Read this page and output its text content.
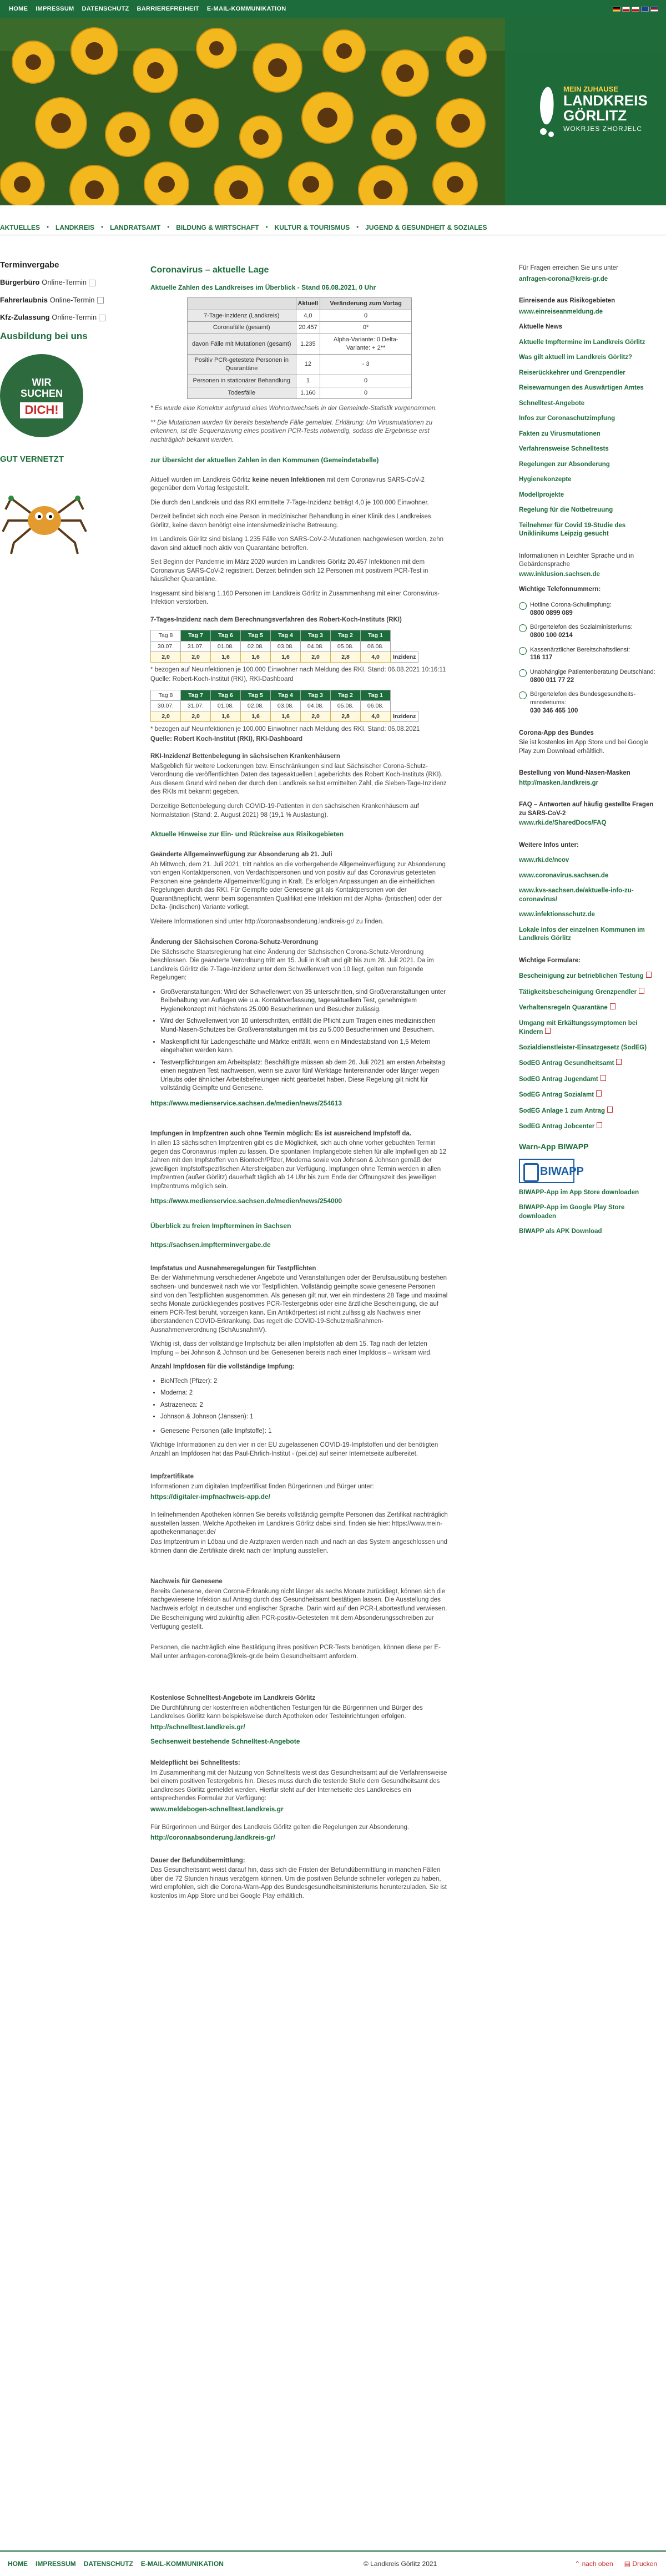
HOME IMPRESSUM DATENSCHUTZ BARRIEREFREIHEIT E-MAIL-KOMMUNIKATION
MEIN ZUHAUSE
LANDKREIS
GÖRLITZ
WOKRJES ZHORJELC
AKTUELLES • LANDKREIS • LANDRATSAMT • BILDUNG & WIRTSCHAFT • KULTUR & TOURISMUS • JUGEND & GESUNDHEIT & SOZIALES
Terminvergabe
Bürgerbüro Online-Termin
Fahrerlaubnis Online-Termin
Kfz-Zulassung Online-Termin
Ausbildung bei uns
WIR
SUCHEN
DICH!
GUT VERNETZT
Coronavirus – aktuelle Lage
Aktuelle Zahlen des Landkreises im Überblick - Stand 06.08.2021, 0 Uhr
	Aktuell	Veränderung zum Vortag
7-Tage-Inzidenz (Landkreis)	4,0	0
Coronafälle (gesamt)	20.457	0*
davon Fälle mit Mutationen (gesamt)	1.235	Alpha-Variante: 0 Delta-Variante: + 2**
Positiv PCR-getestete Personen in Quarantäne	12	- 3
Personen in stationärer Behandlung	1	0
Todesfälle	1.160	0
* Es wurde eine Korrektur aufgrund eines Wohnortwechsels in der Gemeinde-Statistik vorgenommen.
** Die Mutationen wurden für bereits bestehende Fälle gemeldet. Erklärung: Um Virusmutationen zu erkennen, ist die Sequenzierung eines positiven PCR-Tests notwendig, sodass die Ergebnisse erst nachträglich bekannt werden.
zur Übersicht der aktuellen Zahlen in den Kommunen (Gemeindetabelle)
Aktuell wurden im Landkreis Görlitz keine neuen Infektionen mit dem Coronavirus SARS-CoV-2 gegenüber dem Vortag festgestellt.
Die durch den Landkreis und das RKI ermittelte 7-Tage-Inzidenz beträgt 4,0 je 100.000 Einwohner.
Derzeit befindet sich noch eine Person in medizinischer Behandlung in einer Klinik des Landkreises Görlitz, keine davon benötigt eine intensivmedizinische Betreuung.
Im Landkreis Görlitz sind bislang 1.235 Fälle von SARS-CoV-2-Mutationen nachgewiesen worden, zehn davon sind aktuell noch aktiv von Quarantäne betroffen.
Seit Beginn der Pandemie im März 2020 wurden im Landkreis Görlitz 20.457 Infektionen mit dem Coronavirus SARS-CoV-2 registriert. Derzeit befinden sich 12 Personen mit positivem PCR-Test in häuslicher Quarantäne.
Insgesamt sind bislang 1.160 Personen im Landkreis Görlitz in Zusammenhang mit einer Coronavirus-Infektion verstorben.
7-Tages-Inzidenz nach dem Berechnungsverfahren des Robert-Koch-Instituts (RKI)
Tag 8	Tag 7	Tag 6	Tag 5	Tag 4	Tag 3	Tag 2	Tag 1	
30.07.	31.07.	01.08.	02.08.	03.08.	04.08.	05.08.	06.08.	
2,0	2,0	1,6	1,6	1,6	2,0	2,8	4,0	Inzidenz
* bezogen auf Neuinfektionen je 100.000 Einwohner nach Meldung des RKI, Stand: 06.08.2021 10:16:11
Quelle: Robert-Koch-Institut (RKI), RKI-Dashboard
Tag 8	Tag 7	Tag 6	Tag 5	Tag 4	Tag 3	Tag 2	Tag 1	
30.07.	31.07.	01.08.	02.08.	03.08.	04.08.	05.08.	06.08.	
2,0	2,0	1,6	1,6	1,6	2,0	2,8	4,0	Inzidenz
* bezogen auf Neuinfektionen je 100.000 Einwohner nach Meldung des RKI, Stand: 05.08.2021
Quelle: Robert Koch-Institut (RKI), RKI-Dashboard
RKI-Inzidenz/ Bettenbelegung in sächsischen Krankenhäusern
Maßgeblich für weitere Lockerungen bzw. Einschränkungen sind laut Sächsischer Corona-Schutz-Verordnung die veröffentlichten Daten des tagesaktuellen Lageberichts des Robert Koch-Instituts (RKI). Aus diesem Grund wird neben der durch den Landkreis selbst ermittelten Zahl, die Sieben-Tage-Inzidenz des RKIs mit bekannt gegeben.
Derzeitige Bettenbelegung durch COVID-19-Patienten in den sächsischen Krankenhäusern auf Normalstation (Stand: 2. August 2021) 98 (19,1 % Auslastung).
Aktuelle Hinweise zur Ein- und Rückreise aus Risikogebieten
Geänderte Allgemeinverfügung zur Absonderung ab 21. Juli
Ab Mittwoch, dem 21. Juli 2021, tritt nahtlos an die vorhergehende Allgemeinverfügung zur Absonderung von engen Kontaktpersonen, von Verdachtspersonen und von positiv auf das Coronavirus getesteten Personen eine geänderte Allgemeinverfügung in Kraft. Es erfolgen Anpassungen an die einheitlichen Regelungen durch das RKI. Für Geimpfte oder Genesene gilt als Kontaktpersonen von der Quarantänepflicht, wenn beim sogenannten Qualifikat eine Infektion mit der Alpha- (britischen) oder der Delta- (indischen) Variante vorliegt.
Weitere Informationen sind unter http://coronaabsonderung.landkreis-gr/ zu finden.
Änderung der Sächsischen Corona-Schutz-Verordnung
Die Sächsische Staatsregierung hat eine Änderung der Sächsischen Corona-Schutz-Verordnung beschlossen. Die geänderte Verordnung tritt am 15. Juli in Kraft und gilt bis zum 28. Juli 2021. Da im Landkreis Görlitz die 7-Tage-Inzidenz unter dem Schwellenwert von 10 liegt, gelten nun folgende Regelungen:
• Großveranstaltungen: Wird der Schwellenwert von 35 unterschritten, sind Großveranstaltungen unter Beibehaltung von Auflagen wie u.a. Kontaktverfassung, tagesaktuellem Test, genehmigtem Hygienekonzept mit höchstens 25.000 Besucherinnen und Besucher zulässig.
• Wird der Schwellenwert von 10 unterschritten, entfällt die Pflicht zum Tragen eines medizinischen Mund-Nasen-Schutzes bei Großveranstaltungen mit bis zu 5.000 Besucherinnen und Besuchern.
• Maskenpflicht für Ladengeschäfte und Märkte entfällt, wenn ein Mindestabstand von 1,5 Metern eingehalten werden kann.
• Testverpflichtungen am Arbeitsplatz: Beschäftigte müssen ab dem 26. Juli 2021 am ersten Arbeitstag einen negativen Test nachweisen, wenn sie zuvor fünf Werktage hintereinander oder länger wegen Urlaubs oder ähnlicher Arbeitsbefreiungen nicht gearbeitet haben. Diese Regelung gilt nicht für vollständig Geimpfte und Genesene.
https://www.medienservice.sachsen.de/medien/news/254613
Impfungen in Impfzentren auch ohne Termin möglich: Es ist ausreichend Impfstoff da.
In allen 13 sächsischen Impfzentren gibt es die Möglichkeit, sich auch ohne vorher gebuchten Termin gegen das Coronavirus impfen zu lassen. Die spontanen Impfangebote stehen für alle Impfwilligen ab 12 Jahren mit den Impfstoffen von Biontech/Pfizer, Moderna sowie von Johnson & Johnson gemäß der jeweiligen Impfstoffspezifischen Altersfreigaben zur Verfügung. Impfungen ohne Termin werden in allen Impfzentren (außer Görlitz) dauerhaft täglich ab 14 Uhr bis zum Ende der Öffnungszeit des jeweiligen Impfzentrums möglich sein.
https://www.medienservice.sachsen.de/medien/news/254000
Überblick zu freien Impfterminen in Sachsen
https://sachsen.impfterminvergabe.de
Impfstatus und Ausnahmeregelungen für Testpflichten
Bei der Wahrnehmung verschiedener Angebote und Veranstaltungen oder der Berufsausübung bestehen sachsen- und bundesweit nach wie vor Testpflichten. Vollständig geimpfte sowie genesene Personen sind von den Testpflichten ausgenommen. Als genesen gilt nur, wer ein mindestens 28 Tage und maximal sechs Monate zurückliegendes positives PCR-Testergebnis oder eine ärztliche Bescheinigung, die auf einem PCR-Test beruht, vorzeigen kann. Ein Antikörpertest ist nicht zulässig als Nachweis einer überstandenen COVID-Erkrankung. Das regelt die COVID-19-Schutzmaßnahmen-Ausnahmenverordnung (SchAusnahmV).
Wichtig ist, dass der vollständige Impfschutz bei allen Impfstoffen ab dem 15. Tag nach der letzten Impfung – bei Johnson & Johnson und bei Genesenen bereits nach einer Impfdosis – wirksam wird.
Anzahl Impfdosen für die vollständige Impfung:
• BioNTech (Pfizer): 2
• Moderna: 2
• Astrazeneca: 2
• Johnson & Johnson (Janssen): 1
• Genesene Personen (alle Impfstoffe): 1
Wichtige Informationen zu den vier in der EU zugelassenen COVID-19-Impfstoffen und der benötigten Anzahl an Impfdosen hat das Paul-Ehrlich-Institut - (pei.de) auf seiner Internetseite aufbereitet.
Impfzertifikate
Informationen zum digitalen Impfzertifikat finden Bürgerinnen und Bürger unter:
https://digitaler-impfnachweis-app.de/
In teilnehmenden Apotheken können Sie bereits vollständig geimpfte Personen das Zertifikat nachträglich ausstellen lassen. Welche Apotheken im Landkreis Görlitz dabei sind, finden sie hier: https://www.mein-apothekenmanager.de/
Das Impfzentrum in Löbau und die Arztpraxen werden nach und nach an das System angeschlossen und können dann die Zertifikate direkt nach der Impfung ausstellen.
Nachweis für Genesene
Bereits Genesene, deren Corona-Erkrankung nicht länger als sechs Monate zurückliegt, können sich die nachgewiesene Infektion auf Antrag durch das Gesundheitsamt bestätigen lassen. Die Ausstellung des Nachweis erfolgt in deutscher und englischer Sprache. Darin wird auf den PCR-Labortestfund verwiesen.
Die Bescheinigung wird zukünftig allen PCR-positiv-Getesteten mit dem Absonderungsschreiben zur Verfügung gestellt.
Personen, die nachträglich eine Bestätigung ihres positiven PCR-Tests benötigen, können diese per E-Mail unter anfragen-corona@kreis-gr.de beim Gesundheitsamt anfordern.
Kostenlose Schnelltest-Angebote im Landkreis Görlitz
Die Durchführung der kostenfreien wöchentlichen Testungen für die Bürgerinnen und Bürger des Landkreises Görlitz kann beispielsweise durch Apotheken oder Testeinrichtungen erfolgen.
http://schnelltest.landkreis.gr/
Sechsenweit bestehende Schnelltest-Angebote
Meldepflicht bei Schnelltests:
Im Zusammenhang mit der Nutzung von Schnelltests weist das Gesundheitsamt auf die Verfahrensweise bei einem positiven Testergebnis hin. Dieses muss durch die testende Stelle dem Gesundheitsamt des Landkreises Görlitz gemeldet werden. Hierfür steht auf der Internetseite des Landkreises ein entsprechendes Formular zur Verfügung:
www.meldebogen-schnelltest.landkreis.gr
Für Bürgerinnen und Bürger des Landkreis Görlitz gelten die Regelungen zur Absonderung.
http://coronaabsonderung.landkreis-gr/
Dauer der Befundübermittlung:
Das Gesundheitsamt weist darauf hin, dass sich die Fristen der Befundübermittlung in manchen Fällen über die 72 Stunden hinaus verzögern können. Um die positiven Befunde schneller vorlegen zu haben, wird empfohlen, sich die Corona-Warn-App des Bundesgesundheitsministeriums herunterzuladen. Sie ist kostenlos im App Store und bei Google Play erhältlich.
Für Fragen erreichen Sie uns unter
anfragen-corona@kreis-gr.de
Einreisende aus Risikogebieten
www.einreiseanmeldung.de
Aktuelle News
Aktuelle Impftermine im Landkreis Görlitz
Was gilt aktuell im Landkreis Görlitz?
Reiserückkehrer und Grenzpendler
Reisewarnungen des Auswärtigen Amtes
Schnelltest-Angebote
Infos zur Coronaschutzimpfung
Fakten zu Virusmutationen
Verfahrensweise Schnelltests
Regelungen zur Absonderung
Hygienekonzepte
Modellprojekte
Regelung für die Notbetreuung
Teilnehmer für Covid 19-Studie des Uniklinikums Leipzig gesucht
Informationen in Leichter Sprache und in Gebärdensprache
www.inklusion.sachsen.de
Wichtige Telefonnummern:
Hotline Corona-Schulimpfung:
0800 0899 089
Bürgertelefon des Sozialministeriums:
0800 100 0214
Kassenärztlicher Bereitschaftsdienst:
116 117
Unabhängige Patientenberatung Deutschland:
0800 011 77 22
Bürgertelefon des Bundesgesundheits-ministeriums:
030 346 465 100
Corona-App des Bundes
Sie ist kostenlos im App Store und bei Google Play zum Download erhältlich.
Bestellung von Mund-Nasen-Masken
http://masken.landkreis.gr
FAQ – Antworten auf häufig gestellte Fragen zu SARS-CoV-2
www.rki.de/SharedDocs/FAQ
Weitere Infos unter:
www.rki.de/ncov
www.coronavirus.sachsen.de
www.kvs-sachsen.de/aktuelle-info-zu-coronavirus/
www.infektionsschutz.de
Lokale Infos der einzelnen Kommunen im Landkreis Görlitz
Wichtige Formulare:
Bescheinigung zur betrieblichen Testung
Tätigkeitsbescheinigung Grenzpendler
Verhaltensregeln Quarantäne
Umgang mit Erkältungssymptomen bei Kindern
Sozialdienstleister-Einsatzgesetz (SodEG)
SodEG Antrag Gesundheitsamt
SodEG Antrag Jugendamt
SodEG Antrag Sozialamt
SodEG Anlage 1 zum Antrag
SodEG Antrag Jobcenter
Warn-App BIWAPP
BIWAPP
BIWAPP-App im App Store downloaden
BIWAPP-App im Google Play Store downloaden
BIWAPP als APK Download
HOME IMPRESSUM DATENSCHUTZ E-MAIL-KOMMUNIKATION	© Landkreis Görlitz 2021	⌃ nach oben ▤ Drucken
